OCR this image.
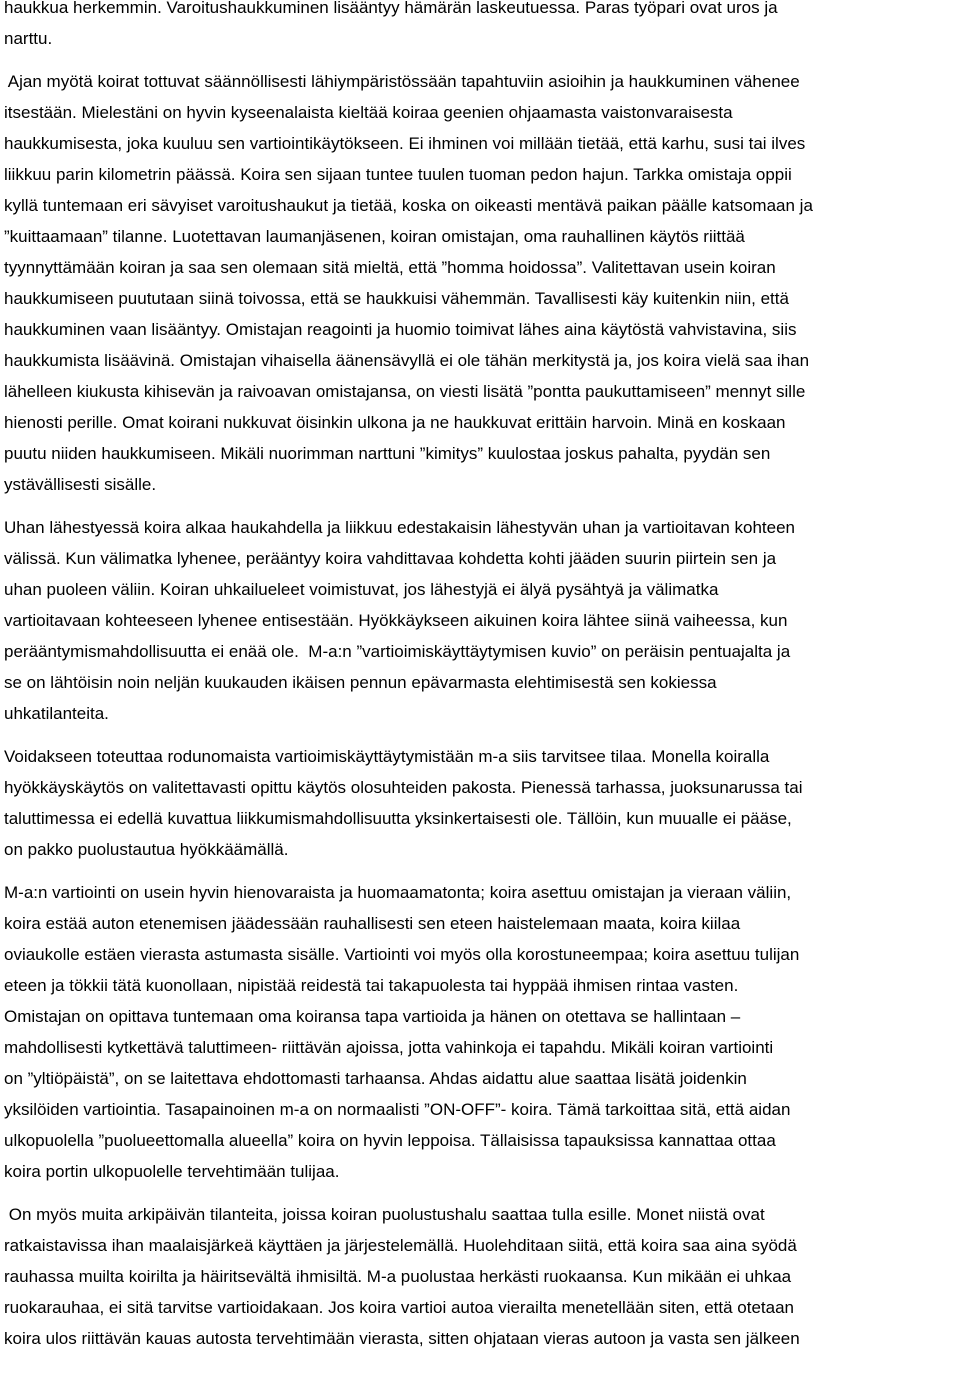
haukkua herkemmin. Varoitushaukkuminen lisääntyy hämärän laskeutuessa. Paras työpari ovat uros ja
narttu.
Ajan myötä koirat tottuvat säännöllisesti lähiympäristössään tapahtuviin asioihin ja haukkuminen vähenee
itsestään. Mielestäni on hyvin kyseenalaista kieltää koiraa geenien ohjaamasta vaistonvaraisesta
haukkumisesta, joka kuuluu sen vartiointikäytökseen. Ei ihminen voi millään tietää, että karhu, susi tai ilves
liikkuu parin kilometrin päässä. Koira sen sijaan tuntee tuulen tuoman pedon hajun. Tarkka omistaja oppii
kyllä tuntemaan eri sävyiset varoitushaukut ja tietää, koska on oikeasti mentävä paikan päälle katsomaan ja
”kuittaamaan” tilanne. Luotettavan laumanjäsenen, koiran omistajan, oma rauhallinen käytös riittää
tyynnyttämään koiran ja saa sen olemaan sitä mieltä, että ”homma hoidossa”. Valitettavan usein koiran
haukkumiseen puututaan siinä toivossa, että se haukkuisi vähemmän. Tavallisesti käy kuitenkin niin, että
haukkuminen vaan lisääntyy. Omistajan reagointi ja huomio toimivat lähes aina käytöstä vahvistavina, siis
haukkumista lisäävinä. Omistajan vihaisella äänensävyllä ei ole tähän merkitystä ja, jos koira vielä saa ihan
lähelleen kiukusta kihisevän ja raivoavan omistajansa, on viesti lisätä ”pontta paukuttamiseen” mennyt sille
hienosti perille. Omat koirani nukkuvat öisinkin ulkona ja ne haukkuvat erittäin harvoin. Minä en koskaan
puutu niiden haukkumiseen. Mikäli nuorimman narttuni ”kimitys” kuulostaa joskus pahalta, pyydän sen
ystävällisesti sisälle.
Uhan lähestyessä koira alkaa haukahdella ja liikkuu edestakaisin lähestyvän uhan ja vartioitavan kohteen
välissä. Kun välimatka lyhenee, perääntyy koira vahdittavaa kohdetta kohti jääden suurin piirtein sen ja
uhan puoleen väliin. Koiran uhkailueleet voimistuvat, jos lähestyjä ei älyä pysähtyä ja välimatka
vartioitavaan kohteeseen lyhenee entisestään. Hyökkäykseen aikuinen koira lähtee siinä vaiheessa, kun
perääntymismahdollisuutta ei enää ole.  M-a:n ”vartioimiskäyttäytymisen kuvio” on peräisin pentuajalta ja
se on lähtöisin noin neljän kuukauden ikäisen pennun epävarmasta elehtimisestä sen kokiessa
uhkatilanteita.
Voidakseen toteuttaa rodunomaista vartioimiskäyttäytymistään m-a siis tarvitsee tilaa. Monella koiralla
hyökkäyskäytös on valitettavasti opittu käytös olosuhteiden pakosta. Pienessä tarhassa, juoksunarussa tai
taluttimessa ei edellä kuvattua liikkumismahdollisuutta yksinkertaisesti ole. Tällöin, kun muualle ei pääse,
on pakko puolustautua hyökkäämällä.
M-a:n vartiointi on usein hyvin hienovaraista ja huomaamatonta; koira asettuu omistajan ja vieraan väliin,
koira estää auton etenemisen jäädessään rauhallisesti sen eteen haistelemaan maata, koira kiilaa
oviaukolle estäen vierasta astumasta sisälle. Vartiointi voi myös olla korostuneempaa; koira asettuu tulijan
eteen ja tökkii tätä kuonollaan, nipistää reidestä tai takapuolesta tai hyppää ihmisen rintaa vasten.
Omistajan on opittava tuntemaan oma koiransa tapa vartioida ja hänen on otettava se hallintaan –
mahdollisesti kytkettävä taluttimeen- riittävän ajoissa, jotta vahinkoja ei tapahdu. Mikäli koiran vartiointi
on ”yltiöpäistä”, on se laitettava ehdottomasti tarhaansa. Ahdas aidattu alue saattaa lisätä joidenkin
yksilöiden vartiointia. Tasapainoinen m-a on normaalisti ”ON-OFF”- koira. Tämä tarkoittaa sitä, että aidan
ulkopuolella ”puolueettomalla alueella” koira on hyvin leppoisa. Tällaisissa tapauksissa kannattaa ottaa
koira portin ulkopuolelle tervehtimään tulijaa.
On myös muita arkipäivän tilanteita, joissa koiran puolustushalu saattaa tulla esille. Monet niistä ovat
ratkaistavissa ihan maalaisjärkeä käyttäen ja järjestelemällä. Huolehditaan siitä, että koira saa aina syödä
rauhassa muilta koirilta ja häiritsevältä ihmisiltä. M-a puolustaa herkästi ruokaansa. Kun mikään ei uhkaa
ruokarauhaa, ei sitä tarvitse vartioidakaan. Jos koira vartioi autoa vierailta menetellään siten, että otetaan
koira ulos riittävän kauas autosta tervehtimään vierasta, sitten ohjataan vieras autoon ja vasta sen jälkeen
